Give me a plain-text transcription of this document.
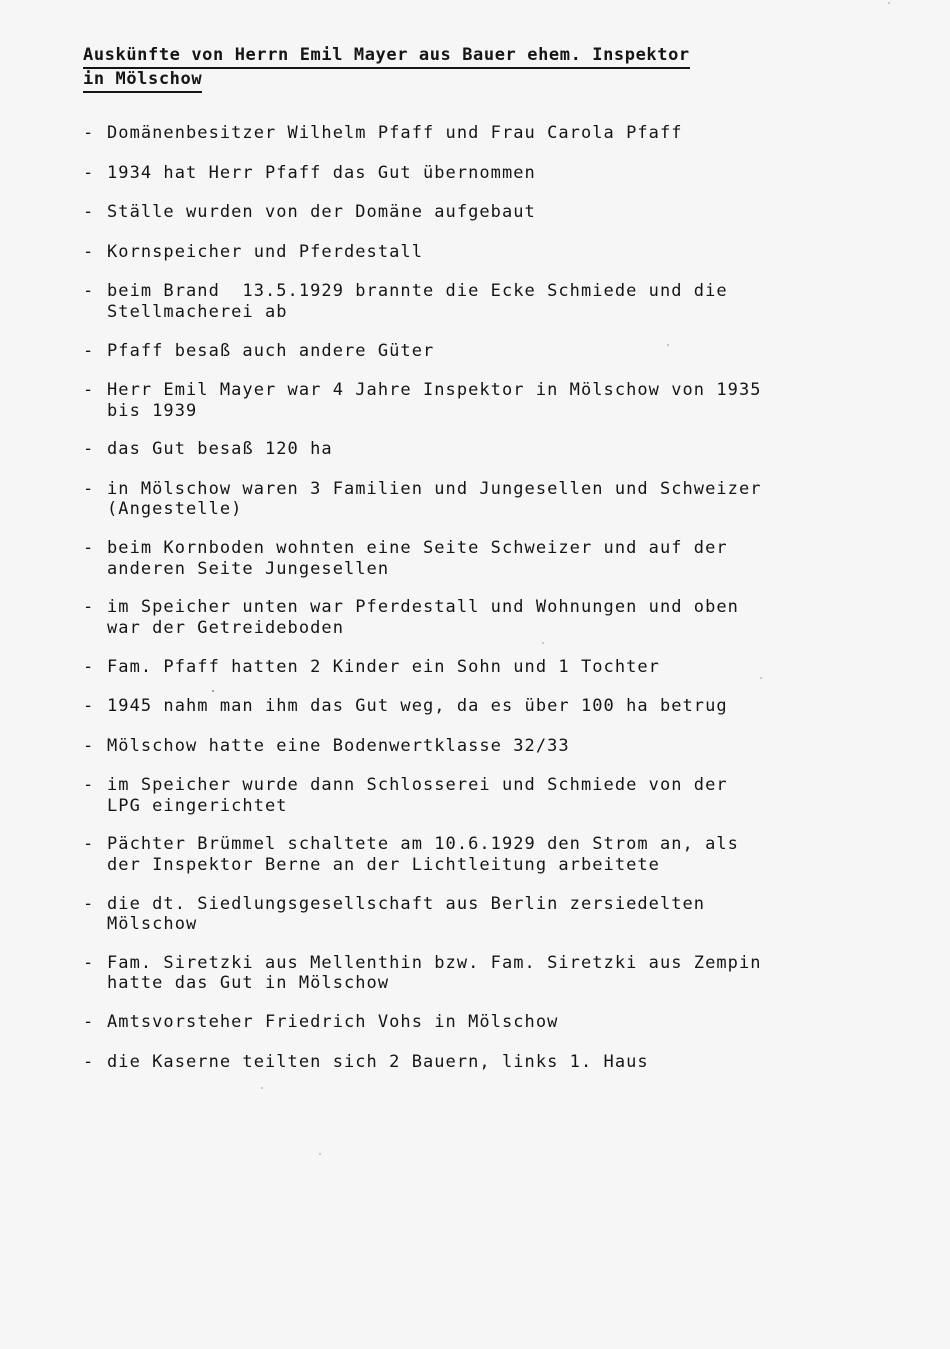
Auskünfte von Herrn Emil Mayer aus Bauer ehem. Inspektor
in Mölschow
- Domänenbesitzer Wilhelm Pfaff und Frau Carola Pfaff
- 1934 hat Herr Pfaff das Gut übernommen
- Ställe wurden von der Domäne aufgebaut
- Kornspeicher und Pferdestall
- beim Brand  13.5.1929 brannte die Ecke Schmiede und die
Stellmacherei ab
- Pfaff besaß auch andere Güter
- Herr Emil Mayer war 4 Jahre Inspektor in Mölschow von 1935
bis 1939
- das Gut besaß 120 ha
- in Mölschow waren 3 Familien und Jungesellen und Schweizer
(Angestelle)
- beim Kornboden wohnten eine Seite Schweizer und auf der
anderen Seite Jungesellen
- im Speicher unten war Pferdestall und Wohnungen und oben
war der Getreideboden
- Fam. Pfaff hatten 2 Kinder ein Sohn und 1 Tochter
- 1945 nahm man ihm das Gut weg, da es über 100 ha betrug
- Mölschow hatte eine Bodenwertklasse 32/33
- im Speicher wurde dann Schlosserei und Schmiede von der
LPG eingerichtet
- Pächter Brümmel schaltete am 10.6.1929 den Strom an, als
der Inspektor Berne an der Lichtleitung arbeitete
- die dt. Siedlungsgesellschaft aus Berlin zersiedelten
Mölschow
- Fam. Siretzki aus Mellenthin bzw. Fam. Siretzki aus Zempin
hatte das Gut in Mölschow
- Amtsvorsteher Friedrich Vohs in Mölschow
- die Kaserne teilten sich 2 Bauern, links 1. Haus
